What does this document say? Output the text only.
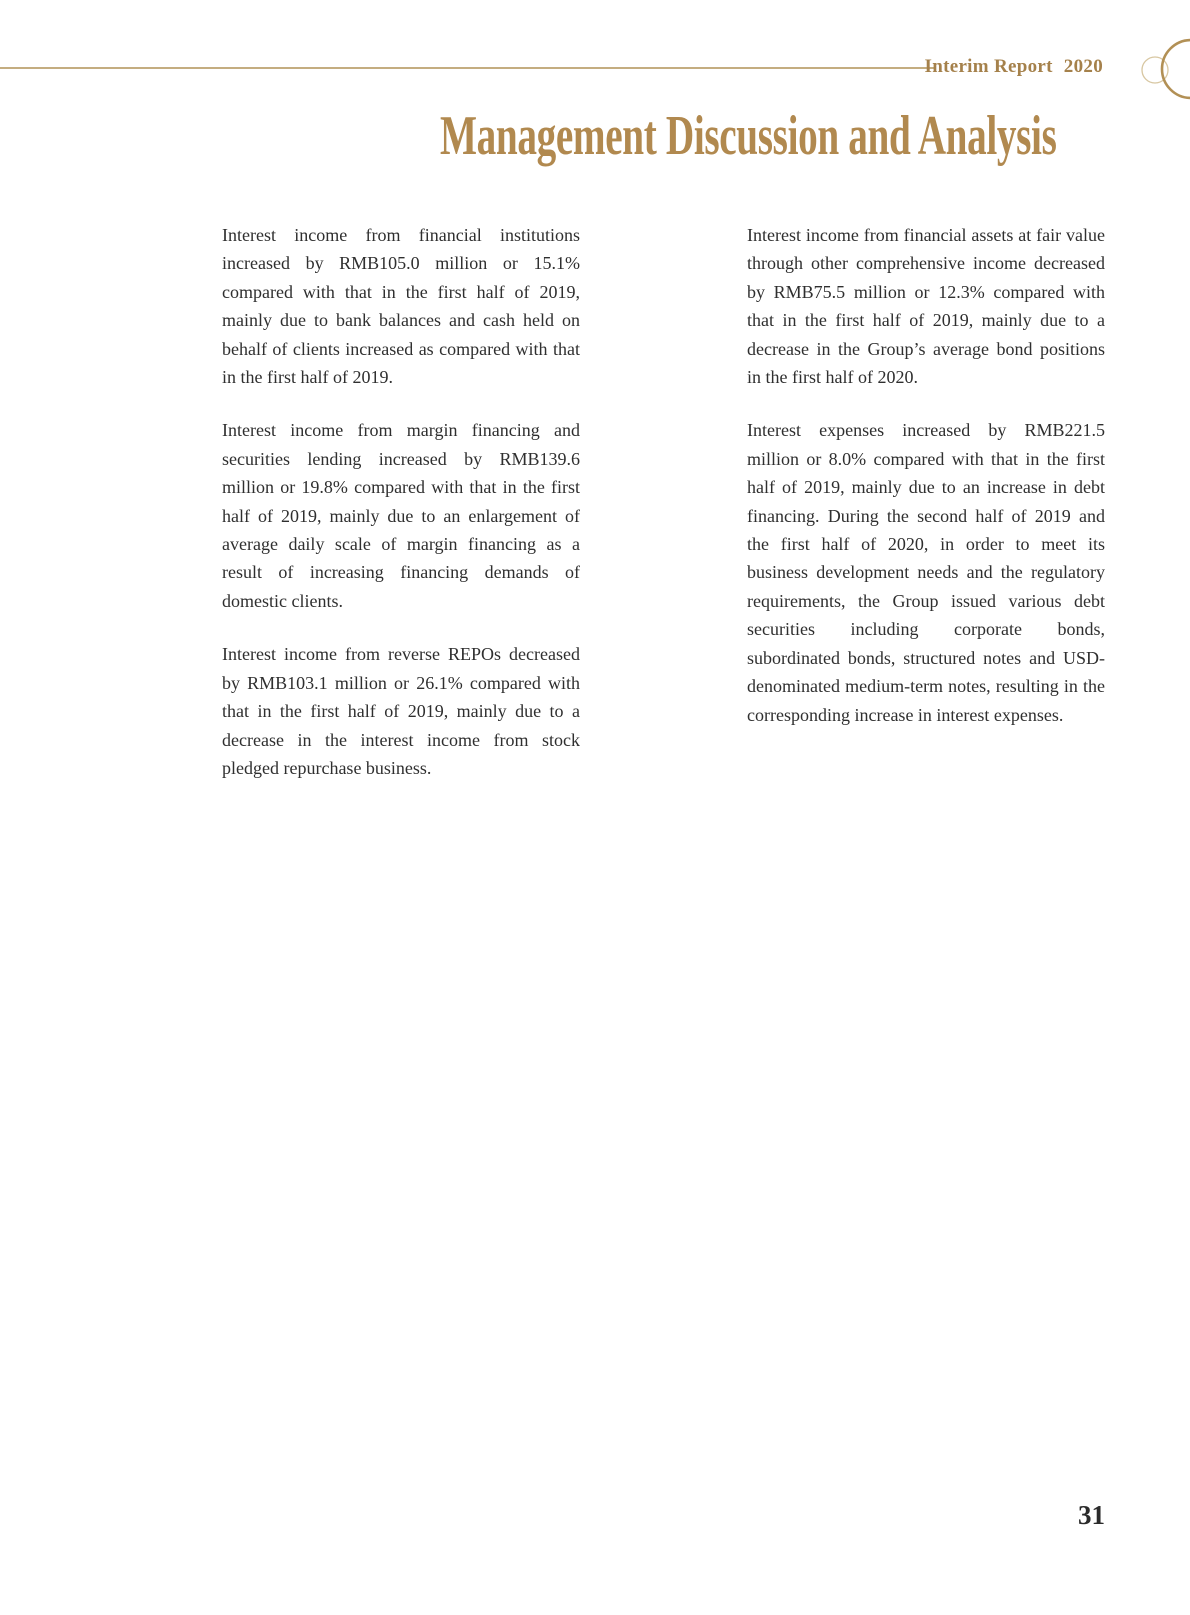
Interim Report 2020
Management Discussion and Analysis

Interest income from financial institutions increased by RMB105.0 million or 15.1% compared with that in the first half of 2019, mainly due to bank balances and cash held on behalf of clients increased as compared with that in the first half of 2019.

Interest income from margin financing and securities lending increased by RMB139.6 million or 19.8% compared with that in the first half of 2019, mainly due to an enlargement of average daily scale of margin financing as a result of increasing financing demands of domestic clients.

Interest income from reverse REPOs decreased by RMB103.1 million or 26.1% compared with that in the first half of 2019, mainly due to a decrease in the interest income from stock pledged repurchase business.

Interest income from financial assets at fair value through other comprehensive income decreased by RMB75.5 million or 12.3% compared with that in the first half of 2019, mainly due to a decrease in the Group’s average bond positions in the first half of 2020.

Interest expenses increased by RMB221.5 million or 8.0% compared with that in the first half of 2019, mainly due to an increase in debt financing. During the second half of 2019 and the first half of 2020, in order to meet its business development needs and the regulatory requirements, the Group issued various debt securities including corporate bonds, subordinated bonds, structured notes and USD-denominated medium-term notes, resulting in the corresponding increase in interest expenses.

31
